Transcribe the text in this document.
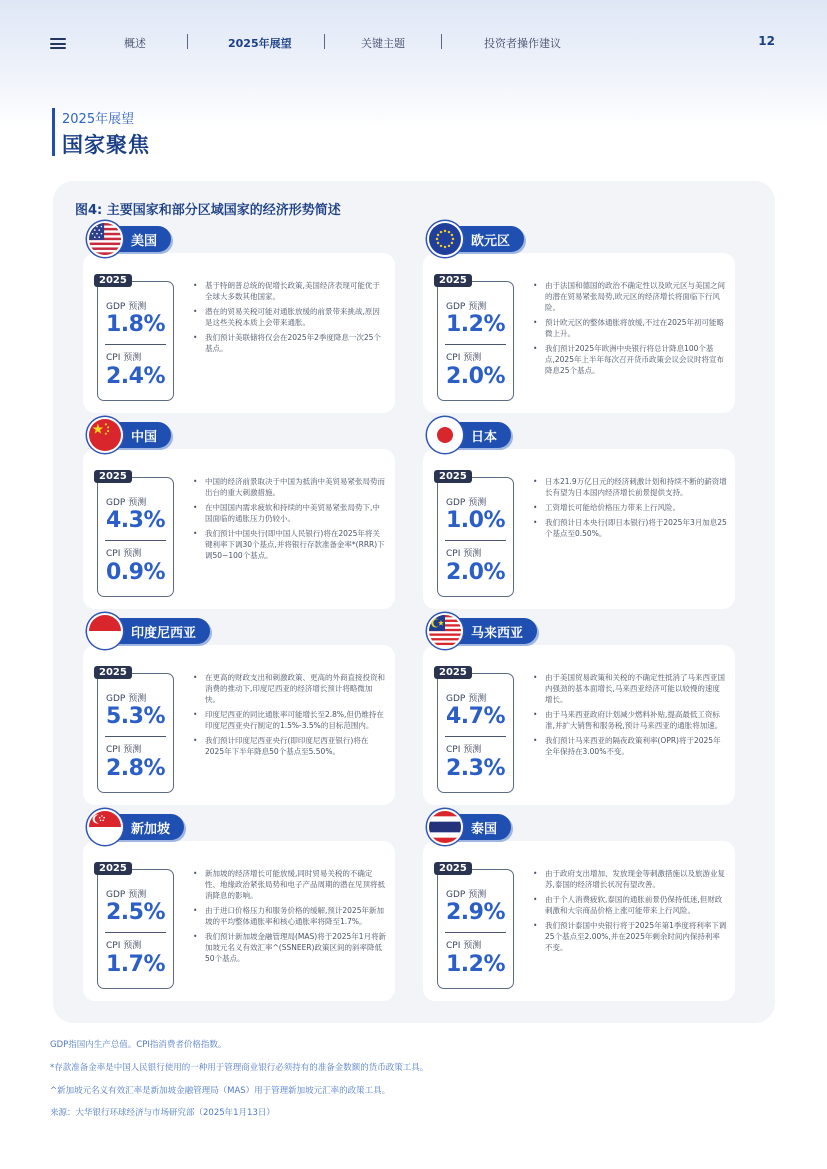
概述	2025年展望	关键主题	投资者操作建议	12
2025年展望
国家聚焦
图4: 主要国家和部分区域国家的经济形势简述
美国
2025
GDP 预测
1.8%
CPI 预测
2.4%
• 基于特朗普总统的促增长政策,美国经济表现可能优于全球大多数其他国家。
• 潜在的贸易关税可能对通胀放缓的前景带来挑战,原因是这些关税本质上会带来通胀。
• 我们预计美联储将仅会在2025年2季度降息一次25个基点。
欧元区
2025
GDP 预测
1.2%
CPI 预测
2.0%
• 由于法国和德国的政治不确定性以及欧元区与美国之间的潜在贸易紧张局势,欧元区的经济增长将面临下行风险。
• 预计欧元区的整体通胀将放缓,不过在2025年初可能略微上升。
• 我们预计2025年欧洲中央银行将总计降息100个基点,2025年上半年每次召开货币政策会议会议时将宣布降息25个基点。
中国
2025
GDP 预测
4.3%
CPI 预测
0.9%
• 中国的经济前景取决于中国为抵消中美贸易紧张局势而出台的重大刺激措施。
• 在中国国内需求疲软和持续的中美贸易紧张局势下,中国面临的通胀压力仍较小。
• 我们预计中国央行(即中国人民银行)将在2025年将关键利率下调30个基点,并将银行存款准备金率*(RRR)下调50~100个基点。
日本
2025
GDP 预测
1.0%
CPI 预测
2.0%
• 日本21.9万亿日元的经济刺激计划和持续不断的薪资增长有望为日本国内经济增长前景提供支持。
• 工资增长可能给价格压力带来上行风险。
• 我们预计日本央行(即日本银行)将于2025年3月加息25个基点至0.50%。
印度尼西亚
2025
GDP 预测
5.3%
CPI 预测
2.8%
• 在更高的财政支出和刺激政策、更高的外商直接投资和消费的推动下,印度尼西亚的经济增长预计将略微加快。
• 印度尼西亚的同比通胀率可能增长至2.8%,但仍维持在印度尼西亚央行制定的1.5%-3.5%的目标范围内。
• 我们预计印度尼西亚央行(即印度尼西亚银行)将在2025年下半年降息50个基点至5.50%。
马来西亚
2025
GDP 预测
4.7%
CPI 预测
2.3%
• 由于美国贸易政策和关税的不确定性抵消了马来西亚国内强劲的基本面增长,马来西亚经济可能以较慢的速度增长。
• 由于马来西亚政府计划减少燃料补贴,提高最低工资标准,并扩大销售和服务税,预计马来西亚的通胀将加速。
• 我们预计马来西亚的隔夜政策利率(OPR)将于2025年全年保持在3.00%不变。
新加坡
2025
GDP 预测
2.5%
CPI 预测
1.7%
• 新加坡的经济增长可能放缓,同时贸易关税的不确定性、地缘政治紧张局势和电子产品周期的潜在见顶将抵消降息的影响。
• 由于进口价格压力和服务价格的缓解,预计2025年新加坡的平均整体通胀率和核心通胀率将降至1.7%。
• 我们预计新加坡金融管理局(MAS)将于2025年1月将新加坡元名义有效汇率^(SSNEER)政策区间的斜率降低50个基点。
泰国
2025
GDP 预测
2.9%
CPI 预测
1.2%
• 由于政府支出增加、发放现金等刺激措施以及旅游业复苏,泰国的经济增长状况有望改善。
• 由于个人消费疲软,泰国的通胀前景仍保持低迷,但财政刺激和大宗商品价格上涨可能带来上行风险。
• 我们预计泰国中央银行将于2025年第1季度将利率下调25个基点至2.00%,并在2025年剩余时间内保持利率不变。
GDP指国内生产总值。CPI指消费者价格指数。
*存款准备金率是中国人民银行使用的一种用于管理商业银行必须持有的准备金数额的货币政策工具。
^新加坡元名义有效汇率是新加坡金融管理局（MAS）用于管理新加坡元汇率的政策工具。
来源：大华银行环球经济与市场研究部（2025年1月13日）
